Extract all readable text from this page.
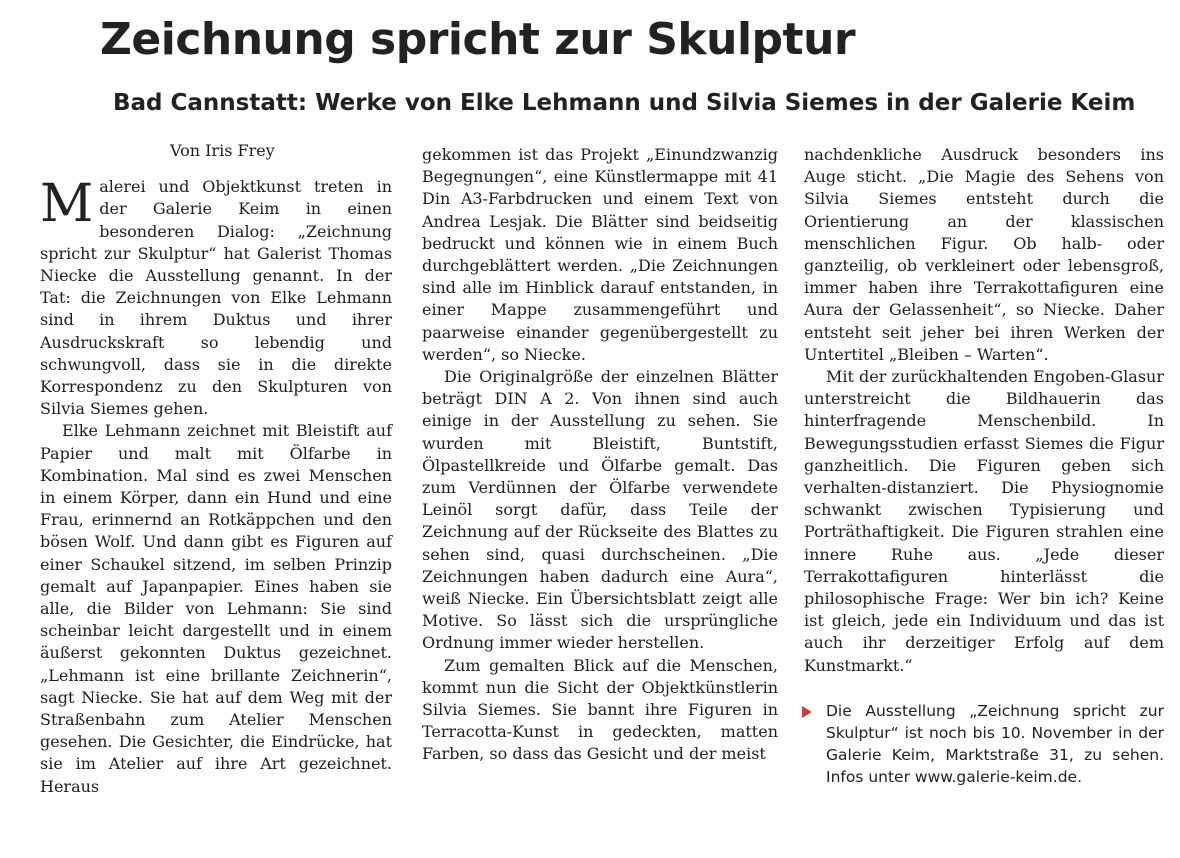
Zeichnung spricht zur Skulptur
Bad Cannstatt: Werke von Elke Lehmann und Silvia Siemes in der Galerie Keim
Von Iris Frey

Malerei und Objektkunst treten in der Galerie Keim in einen besonderen Dialog: „Zeichnung spricht zur Skulptur“ hat Galerist Thomas Niecke die Ausstellung genannt. In der Tat: die Zeichnungen von Elke Lehmann sind in ihrem Duktus und ihrer Ausdruckskraft so lebendig und schwungvoll, dass sie in die direkte Korrespondenz zu den Skulpturen von Silvia Siemes gehen.

Elke Lehmann zeichnet mit Bleistift auf Papier und malt mit Ölfarbe in Kombination. Mal sind es zwei Menschen in einem Körper, dann ein Hund und eine Frau, erinnernd an Rotkäppchen und den bösen Wolf. Und dann gibt es Figuren auf einer Schaukel sitzend, im selben Prinzip gemalt auf Japanpapier. Eines haben sie alle, die Bilder von Lehmann: Sie sind scheinbar leicht dargestellt und in einem äußerst gekonnten Duktus gezeichnet. „Lehmann ist eine brillante Zeichnerin“, sagt Niecke. Sie hat auf dem Weg mit der Straßenbahn zum Atelier Menschen gesehen. Die Gesichter, die Eindrücke, hat sie im Atelier auf ihre Art gezeichnet. Heraus

gekommen ist das Projekt „Einundzwanzig Begegnungen“, eine Künstlermappe mit 41 Din A3-Farbdrucken und einem Text von Andrea Lesjak. Die Blätter sind beidseitig bedruckt und können wie in einem Buch durchgeblättert werden. „Die Zeichnungen sind alle im Hinblick darauf entstanden, in einer Mappe zusammengeführt und paarweise einander gegenübergestellt zu werden“, so Niecke.

Die Originalgröße der einzelnen Blätter beträgt DIN A 2. Von ihnen sind auch einige in der Ausstellung zu sehen. Sie wurden mit Bleistift, Buntstift, Ölpastellkreide und Ölfarbe gemalt. Das zum Verdünnen der Ölfarbe verwendete Leinöl sorgt dafür, dass Teile der Zeichnung auf der Rückseite des Blattes zu sehen sind, quasi durchscheinen. „Die Zeichnungen haben dadurch eine Aura“, weiß Niecke. Ein Übersichtsblatt zeigt alle Motive. So lässt sich die ursprüngliche Ordnung immer wieder herstellen.

Zum gemalten Blick auf die Menschen, kommt nun die Sicht der Objektkünstlerin Silvia Siemes. Sie bannt ihre Figuren in Terracotta-Kunst in gedeckten, matten Farben, so dass das Gesicht und der meist

nachdenkliche Ausdruck besonders ins Auge sticht. „Die Magie des Sehens von Silvia Siemes entsteht durch die Orientierung an der klassischen menschlichen Figur. Ob halb- oder ganzteilig, ob verkleinert oder lebensgroß, immer haben ihre Terrakottafiguren eine Aura der Gelassenheit“, so Niecke. Daher entsteht seit jeher bei ihren Werken der Untertitel „Bleiben – Warten“.

Mit der zurückhaltenden Engoben-Glasur unterstreicht die Bildhauerin das hinterfragende Menschenbild. In Bewegungsstudien erfasst Siemes die Figur ganzheitlich. Die Figuren geben sich verhalten-distanziert. Die Physiognomie schwankt zwischen Typisierung und Porträthaftigkeit. Die Figuren strahlen eine innere Ruhe aus. „Jede dieser Terrakottafiguren hinterlässt die philosophische Frage: Wer bin ich? Keine ist gleich, jede ein Individuum und das ist auch ihr derzeitiger Erfolg auf dem Kunstmarkt.“

Die Ausstellung „Zeichnung spricht zur Skulptur“ ist noch bis 10. November in der Galerie Keim, Marktstraße 31, zu sehen. Infos unter www.galerie-keim.de.
